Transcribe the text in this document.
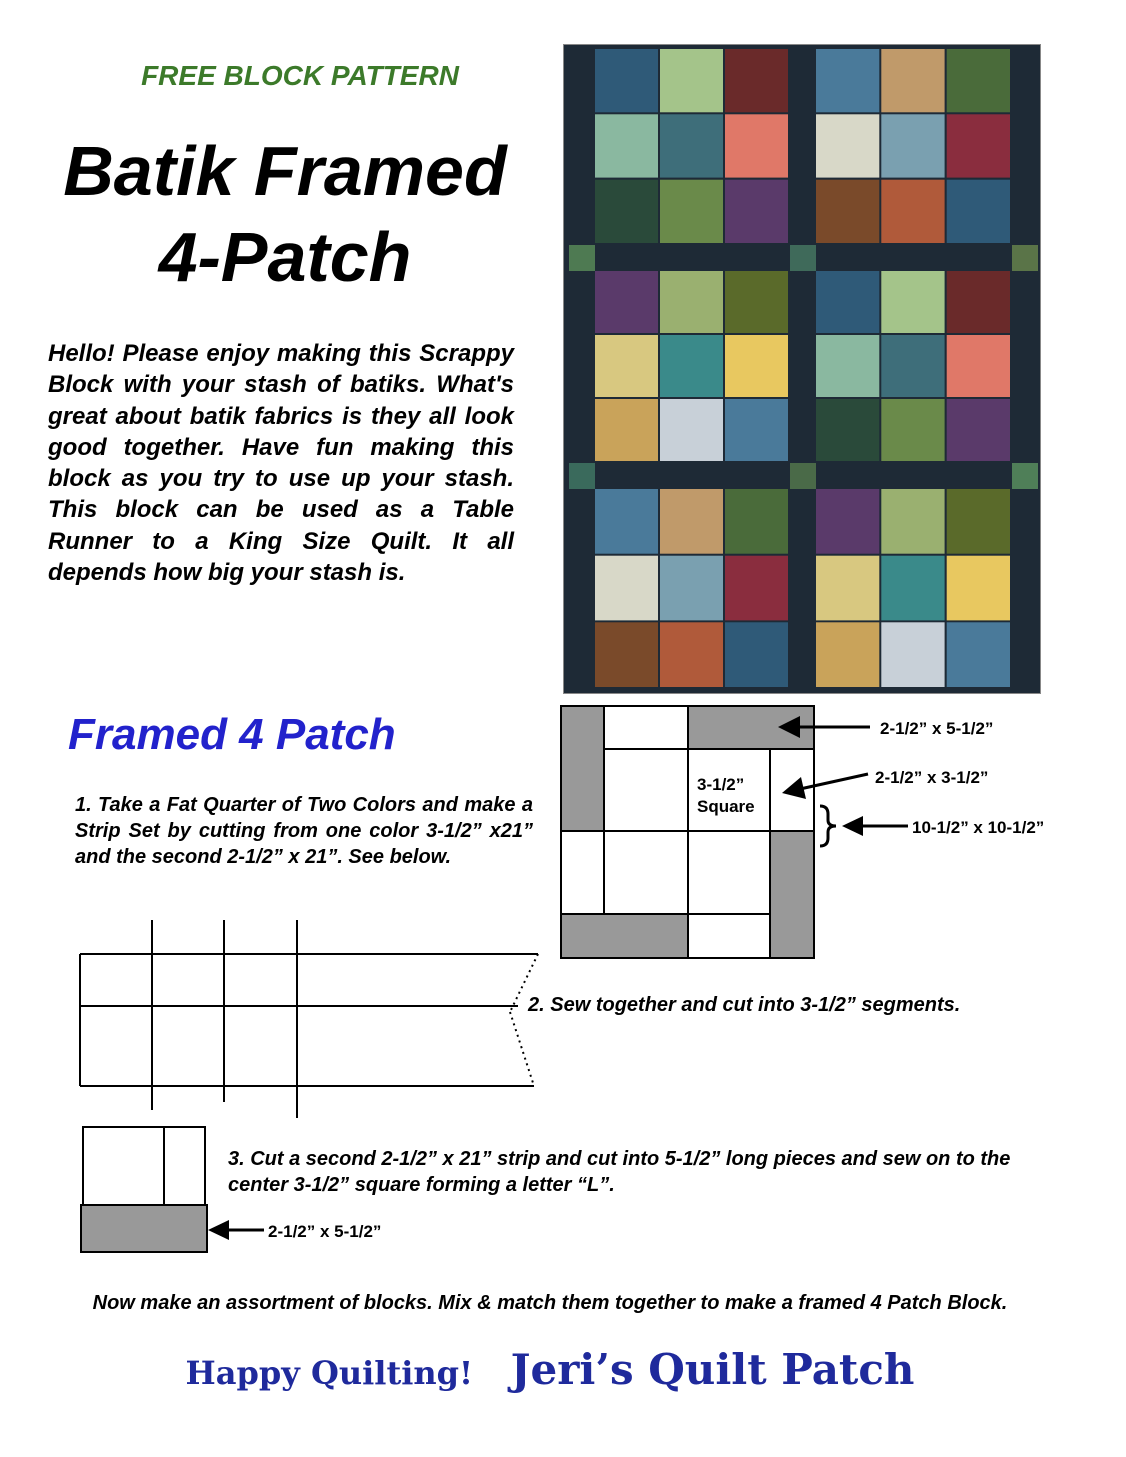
FREE BLOCK PATTERN
Batik Framed
4-Patch
Hello! Please enjoy making this Scrappy Block with your stash of batiks. What's great about batik fabrics is they all look good together. Have fun making this block as you try to use up your stash. This block can be used as a Table Runner to a King Size Quilt. It all depends how big your stash is.
Framed 4 Patch
1. Take a Fat Quarter of Two Colors and make a Strip Set by cutting from one color 3-1/2” x21” and the second 2-1/2” x 21”. See below.
3-1/2”
Square
2-1/2” x 5-1/2”
2-1/2” x 3-1/2”
10-1/2” x 10-1/2”
2. Sew together and cut into 3-1/2” segments.
2-1/2” x 5-1/2”
3. Cut a second 2-1/2” x 21” strip and cut into 5-1/2” long pieces and sew on to the center 3-1/2” square forming a letter “L”.
Now make an assortment of blocks. Mix & match them together to make a framed 4 Patch Block.
Happy Quilting! Jeri’s Quilt Patch
